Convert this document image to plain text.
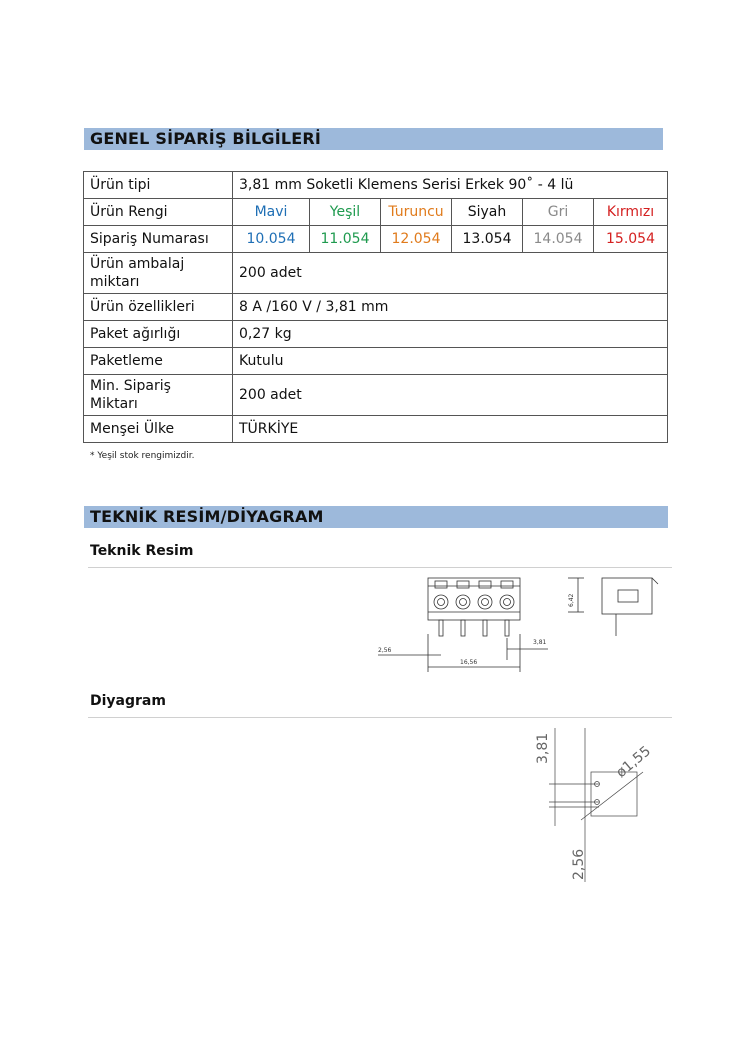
GENEL SİPARİŞ BİLGİLERİ
Ürün tipi	3,81 mm Soketli Klemens Serisi Erkek 90˚ - 4 lü					
Ürün Rengi	Mavi	Yeşil	Turuncu	Siyah	Gri	Kırmızı
Sipariş Numarası	10.054	11.054	12.054	13.054	14.054	15.054
Ürün ambalaj
miktarı	200 adet					
Ürün özellikleri	8 A /160 V / 3,81 mm					
Paket ağırlığı	0,27 kg					
Paketleme	Kutulu					
Min. Sipariş
Miktarı	200 adet					
Menşei Ülke	TÜRKİYE					
* Yeşil stok rengimizdir.
TEKNİK RESİM/DİYAGRAM
Teknik Resim
2,56
16,56
3,81
6,42
Diyagram
3,81	ø1,55
2,56
